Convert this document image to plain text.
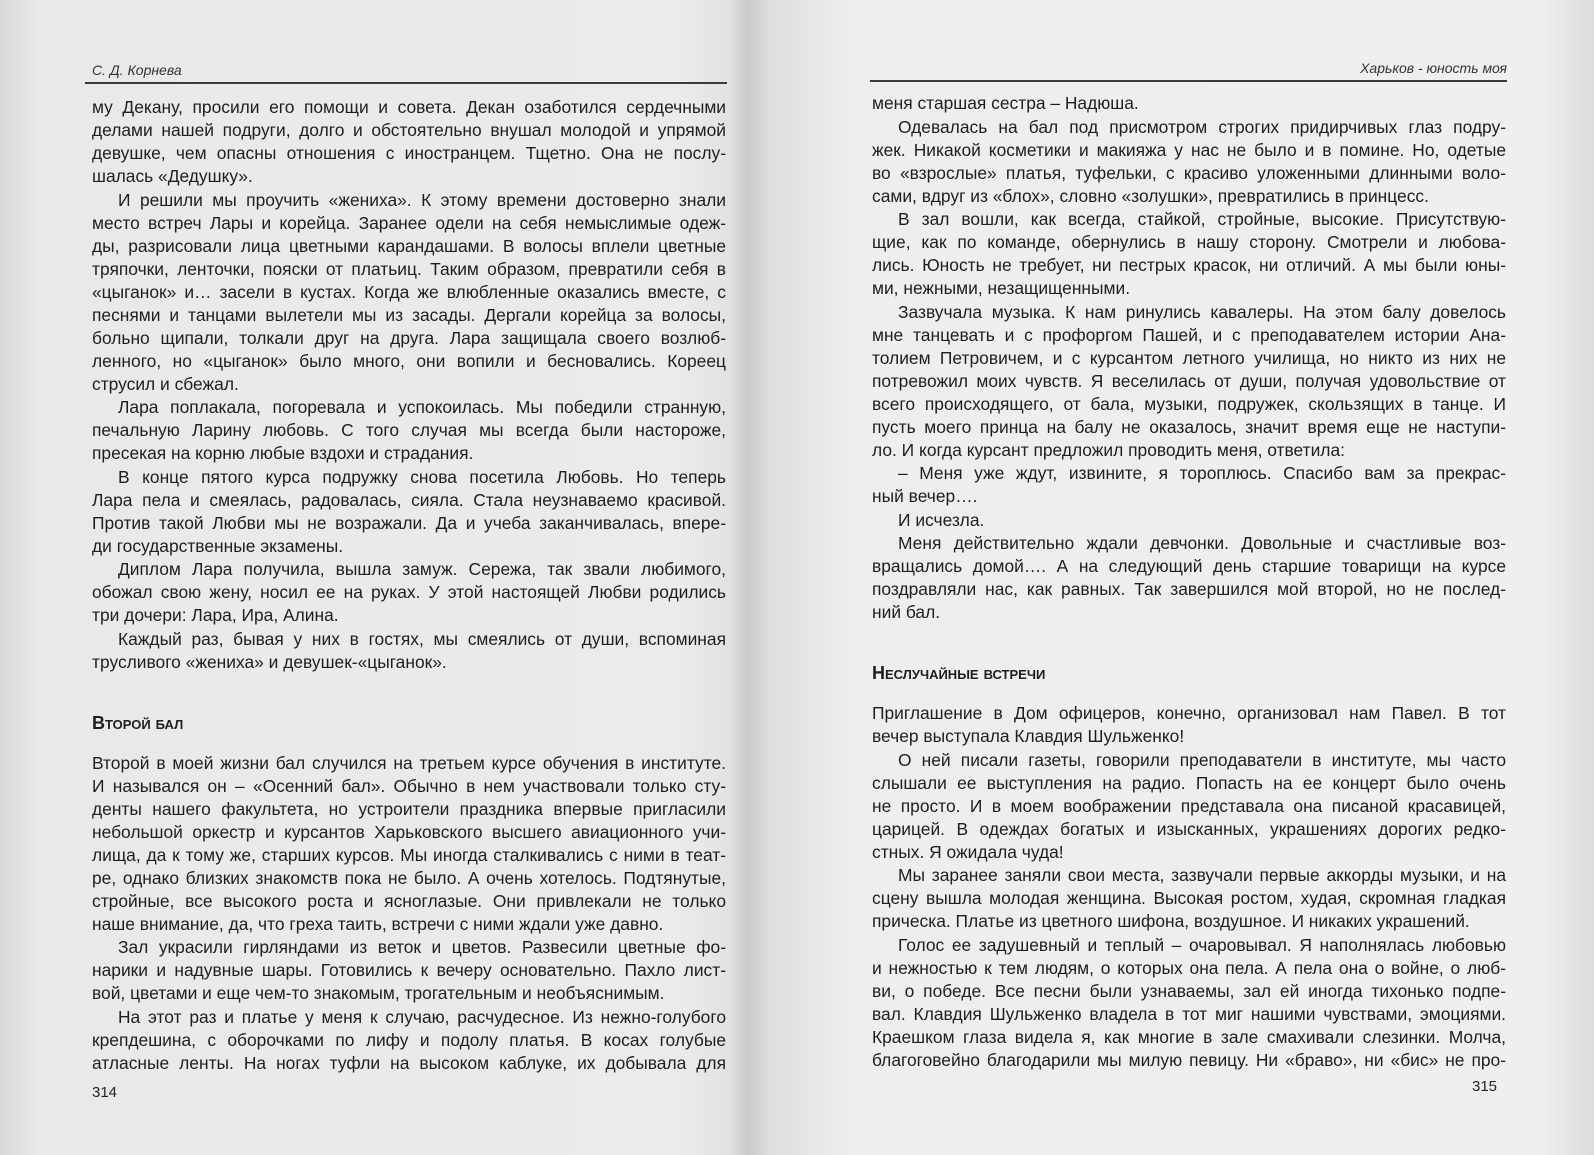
С. Д. Корнева
му Декану, просили его помощи и совета. Декан озаботился сердечными
делами нашей подруги, долго и обстоятельно внушал молодой и упрямой
девушке, чем опасны отношения с иностранцем. Тщетно. Она не послу-
шалась «Дедушку».
И решили мы проучить «жениха». К этому времени достоверно знали
место встреч Лары и корейца. Заранее одели на себя немыслимые одеж-
ды, разрисовали лица цветными карандашами. В волосы вплели цветные
тряпочки, ленточки, пояски от платьиц. Таким образом, превратили себя в
«цыганок» и… засели в кустах. Когда же влюбленные оказались вместе, с
песнями и танцами вылетели мы из засады. Дергали корейца за волосы,
больно щипали, толкали друг на друга. Лара защищала своего возлюб-
ленного, но «цыганок» было много, они вопили и бесновались. Кореец
струсил и сбежал.
Лара поплакала, погоревала и успокоилась. Мы победили странную,
печальную Ларину любовь. С того случая мы всегда были настороже,
пресекая на корню любые вздохи и страдания.
В конце пятого курса подружку снова посетила Любовь. Но теперь
Лара пела и смеялась, радовалась, сияла. Стала неузнаваемо красивой.
Против такой Любви мы не возражали. Да и учеба заканчивалась, впере-
ди государственные экзамены.
Диплом Лара получила, вышла замуж. Сережа, так звали любимого,
обожал свою жену, носил ее на руках. У этой настоящей Любви родились
три дочери: Лара, Ира, Алина.
Каждый раз, бывая у них в гостях, мы смеялись от души, вспоминая
трусливого «жениха» и девушек-«цыганок».
Второй бал
Второй в моей жизни бал случился на третьем курсе обучения в институте.
И назывался он – «Осенний бал». Обычно в нем участвовали только сту-
денты нашего факультета, но устроители праздника впервые пригласили
небольшой оркестр и курсантов Харьковского высшего авиационного учи-
лища, да к тому же, старших курсов. Мы иногда сталкивались с ними в теат-
ре, однако близких знакомств пока не было. А очень хотелось. Подтянутые,
стройные, все высокого роста и ясноглазые. Они привлекали не только
наше внимание, да, что греха таить, встречи с ними ждали уже давно.
Зал украсили гирляндами из веток и цветов. Развесили цветные фо-
нарики и надувные шары. Готовились к вечеру основательно. Пахло лист-
вой, цветами и еще чем-то знакомым, трогательным и необъяснимым.
На этот раз и платье у меня к случаю, расчудесное. Из нежно-голубого
крепдешина, с оборочками по лифу и подолу платья. В косах голубые
атласные ленты. На ногах туфли на высоком каблуке, их добывала для
314
Харьков - юность моя
меня старшая сестра – Надюша.
Одевалась на бал под присмотром строгих придирчивых глаз подру-
жек. Никакой косметики и макияжа у нас не было и в помине. Но, одетые
во «взрослые» платья, туфельки, с красиво уложенными длинными воло-
сами, вдруг из «блох», словно «золушки», превратились в принцесс.
В зал вошли, как всегда, стайкой, стройные, высокие. Присутствую-
щие, как по команде, обернулись в нашу сторону. Смотрели и любова-
лись. Юность не требует, ни пестрых красок, ни отличий. А мы были юны-
ми, нежными, незащищенными.
Зазвучала музыка. К нам ринулись кавалеры. На этом балу довелось
мне танцевать и с профоргом Пашей, и с преподавателем истории Ана-
толием Петровичем, и с курсантом летного училища, но никто из них не
потревожил моих чувств. Я веселилась от души, получая удовольствие от
всего происходящего, от бала, музыки, подружек, скользящих в танце. И
пусть моего принца на балу не оказалось, значит время еще не наступи-
ло. И когда курсант предложил проводить меня, ответила:
– Меня уже ждут, извините, я тороплюсь. Спасибо вам за прекрас-
ный вечер….
И исчезла.
Меня действительно ждали девчонки. Довольные и счастливые воз-
вращались домой…. А на следующий день старшие товарищи на курсе
поздравляли нас, как равных. Так завершился мой второй, но не послед-
ний бал.
Неслучайные встречи
Приглашение в Дом офицеров, конечно, организовал нам Павел. В тот
вечер выступала Клавдия Шульженко!
О ней писали газеты, говорили преподаватели в институте, мы часто
слышали ее выступления на радио. Попасть на ее концерт было очень
не просто. И в моем воображении представала она писаной красавицей,
царицей. В одеждах богатых и изысканных, украшениях дорогих редко-
стных. Я ожидала чуда!
Мы заранее заняли свои места, зазвучали первые аккорды музыки, и на
сцену вышла молодая женщина. Высокая ростом, худая, скромная гладкая
прическа. Платье из цветного шифона, воздушное. И никаких украшений.
Голос ее задушевный и теплый – очаровывал. Я наполнялась любовью
и нежностью к тем людям, о которых она пела. А пела она о войне, о люб-
ви, о победе. Все песни были узнаваемы, зал ей иногда тихонько подпе-
вал. Клавдия Шульженко владела в тот миг нашими чувствами, эмоциями.
Краешком глаза видела я, как многие в зале смахивали слезинки. Молча,
благоговейно благодарили мы милую певицу. Ни «браво», ни «бис» не про-
315
